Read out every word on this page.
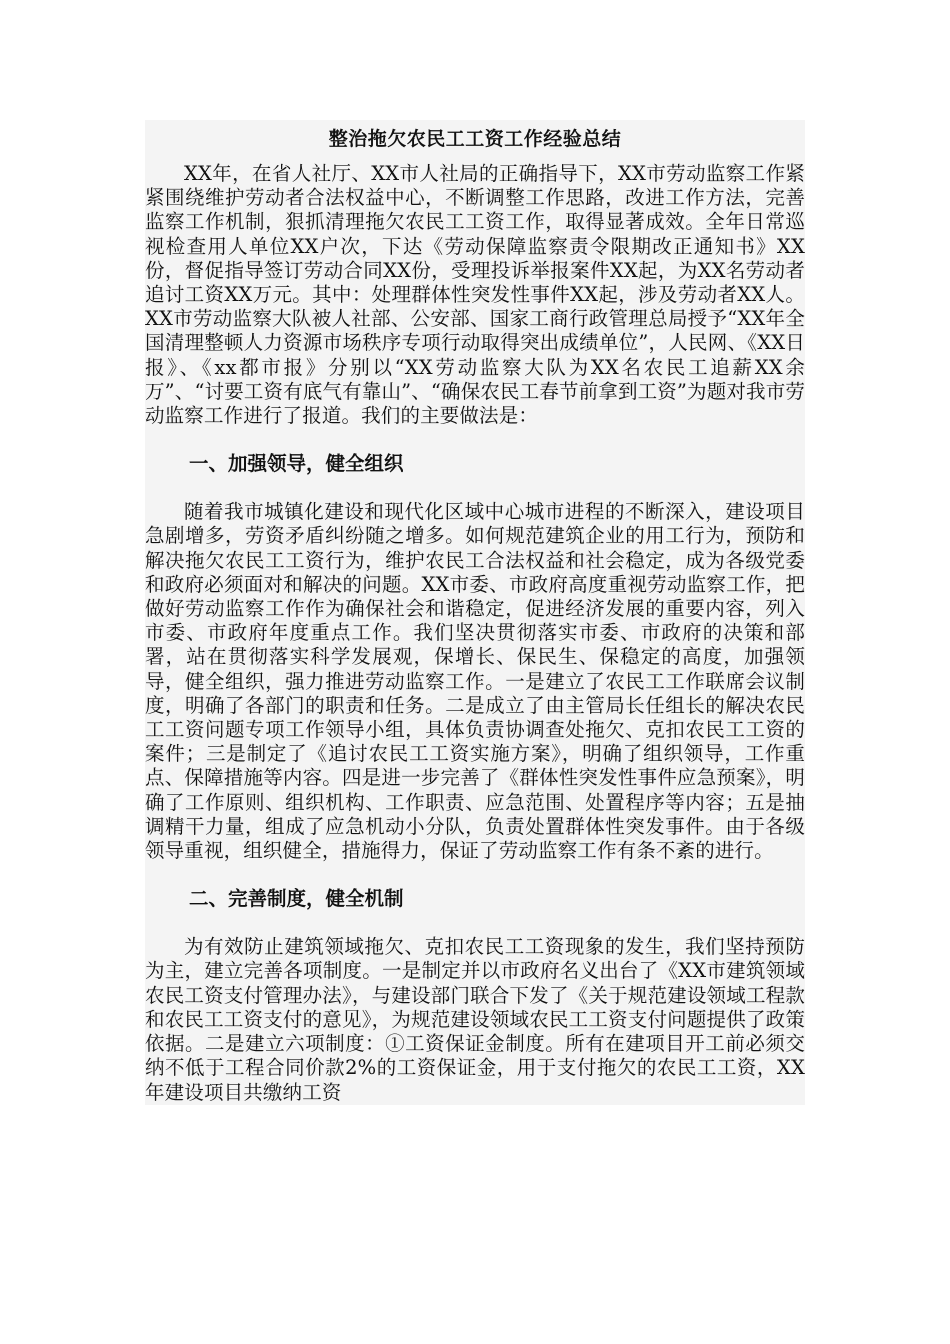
整治拖欠农民工工资工作经验总结

XX年，在省人社厅、XX市人社局的正确指导下，XX市劳动监察工作紧紧围绕维护劳动者合法权益中心，不断调整工作思路，改进工作方法，完善监察工作机制，狠抓清理拖欠农民工工资工作，取得显著成效。全年日常巡视检查用人单位XX户次，下达《劳动保障监察责令限期改正通知书》XX份，督促指导签订劳动合同XX份，受理投诉举报案件XX起，为XX名劳动者追讨工资XX万元。其中：处理群体性突发性事件XX起，涉及劳动者XX人。XX市劳动监察大队被人社部、公安部、国家工商行政管理总局授予“XX年全国清理整顿人力资源市场秩序专项行动取得突出成绩单位”，人民网、《XX日报》、《xx都市报》分别以“XX劳动监察大队为XX名农民工追薪XX余万”、“讨要工资有底气有靠山”、“确保农民工春节前拿到工资”为题对我市劳动监察工作进行了报道。我们的主要做法是：

一、加强领导，健全组织

随着我市城镇化建设和现代化区域中心城市进程的不断深入，建设项目急剧增多，劳资矛盾纠纷随之增多。如何规范建筑企业的用工行为，预防和解决拖欠农民工工资行为，维护农民工合法权益和社会稳定，成为各级党委和政府必须面对和解决的问题。XX市委、市政府高度重视劳动监察工作，把做好劳动监察工作作为确保社会和谐稳定，促进经济发展的重要内容，列入市委、市政府年度重点工作。我们坚决贯彻落实市委、市政府的决策和部署，站在贯彻落实科学发展观，保增长、保民生、保稳定的高度，加强领导，健全组织，强力推进劳动监察工作。一是建立了农民工工作联席会议制度，明确了各部门的职责和任务。二是成立了由主管局长任组长的解决农民工工资问题专项工作领导小组，具体负责协调查处拖欠、克扣农民工工资的案件；三是制定了《追讨农民工工资实施方案》，明确了组织领导，工作重点、保障措施等内容。四是进一步完善了《群体性突发性事件应急预案》，明确了工作原则、组织机构、工作职责、应急范围、处置程序等内容；五是抽调精干力量，组成了应急机动小分队，负责处置群体性突发事件。由于各级领导重视，组织健全，措施得力，保证了劳动监察工作有条不紊的进行。

二、完善制度，健全机制

为有效防止建筑领域拖欠、克扣农民工工资现象的发生，我们坚持预防为主，建立完善各项制度。一是制定并以市政府名义出台了《XX市建筑领域农民工资支付管理办法》，与建设部门联合下发了《关于规范建设领域工程款和农民工工资支付的意见》，为规范建设领域农民工工资支付问题提供了政策依据。二是建立六项制度：①工资保证金制度。所有在建项目开工前必须交纳不低于工程合同价款2%的工资保证金，用于支付拖欠的农民工工资，XX年建设项目共缴纳工资
